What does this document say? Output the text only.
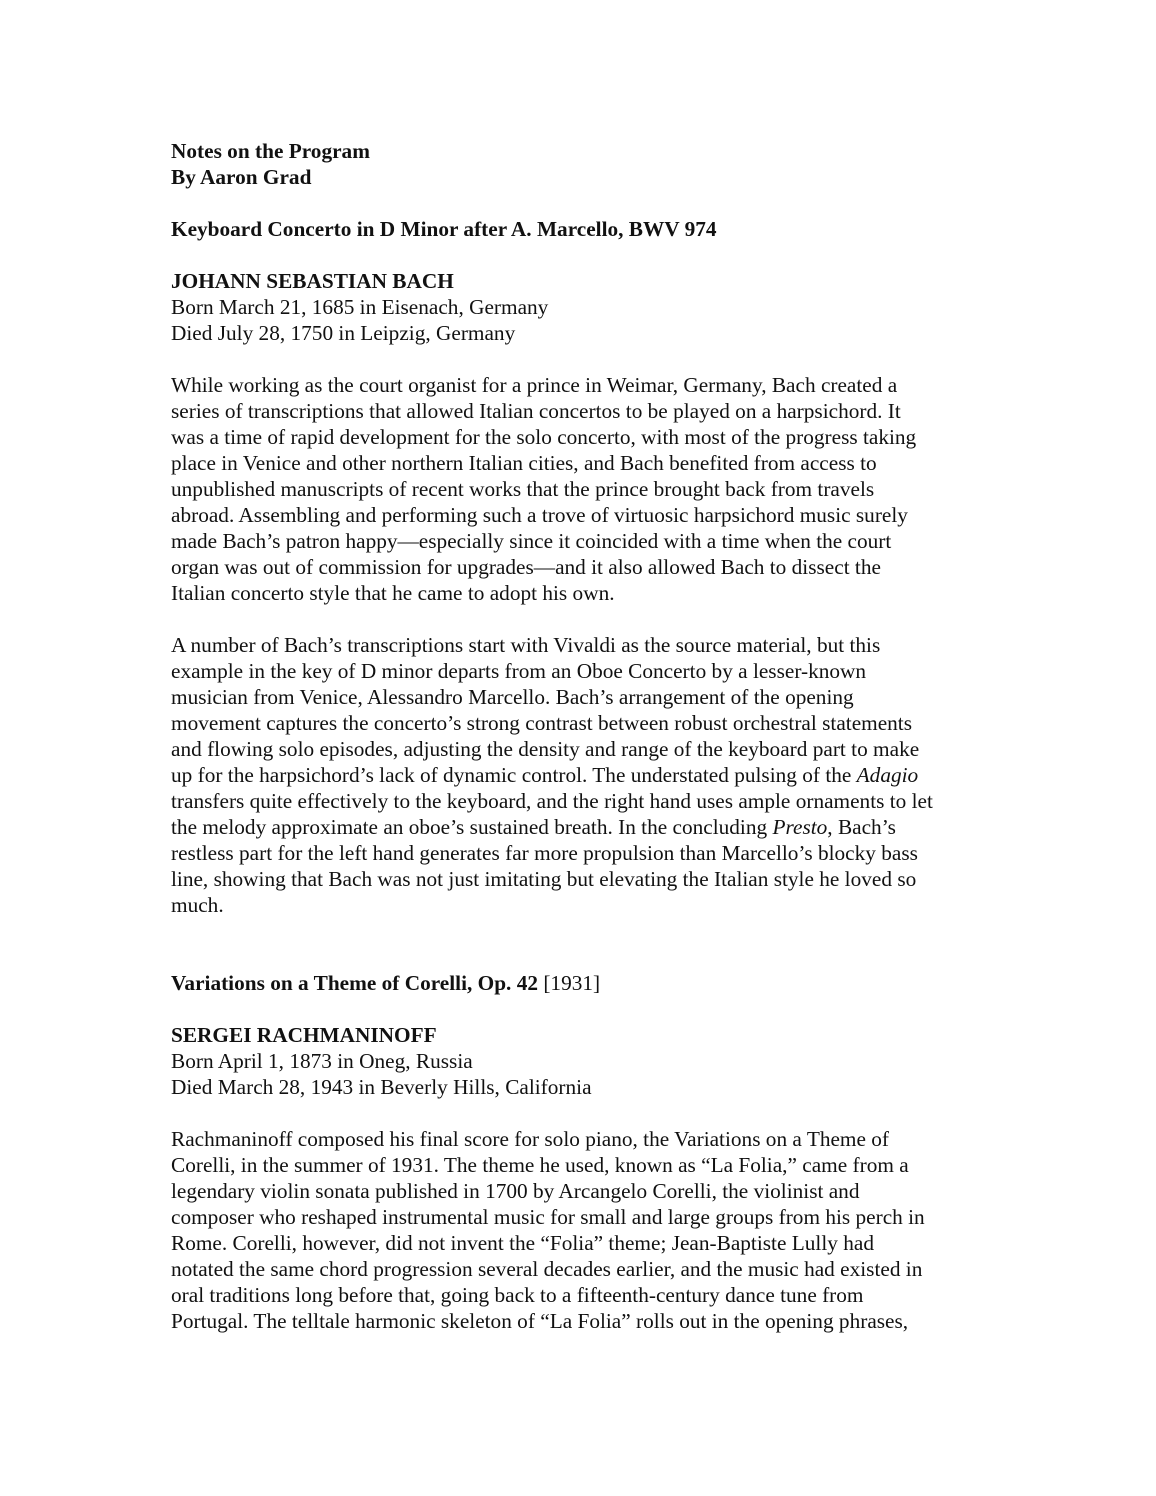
Notes on the Program
By Aaron Grad
Keyboard Concerto in D Minor after A. Marcello, BWV 974
JOHANN SEBASTIAN BACH
Born March 21, 1685 in Eisenach, Germany
Died July 28, 1750 in Leipzig, Germany
While working as the court organist for a prince in Weimar, Germany, Bach created a
series of transcriptions that allowed Italian concertos to be played on a harpsichord. It
was a time of rapid development for the solo concerto, with most of the progress taking
place in Venice and other northern Italian cities, and Bach benefited from access to
unpublished manuscripts of recent works that the prince brought back from travels
abroad. Assembling and performing such a trove of virtuosic harpsichord music surely
made Bach’s patron happy—especially since it coincided with a time when the court
organ was out of commission for upgrades—and it also allowed Bach to dissect the
Italian concerto style that he came to adopt his own.
A number of Bach’s transcriptions start with Vivaldi as the source material, but this
example in the key of D minor departs from an Oboe Concerto by a lesser-known
musician from Venice, Alessandro Marcello. Bach’s arrangement of the opening
movement captures the concerto’s strong contrast between robust orchestral statements
and flowing solo episodes, adjusting the density and range of the keyboard part to make
up for the harpsichord’s lack of dynamic control. The understated pulsing of the Adagio
transfers quite effectively to the keyboard, and the right hand uses ample ornaments to let
the melody approximate an oboe’s sustained breath. In the concluding Presto, Bach’s
restless part for the left hand generates far more propulsion than Marcello’s blocky bass
line, showing that Bach was not just imitating but elevating the Italian style he loved so
much.
Variations on a Theme of Corelli, Op. 42 [1931]
SERGEI RACHMANINOFF
Born April 1, 1873 in Oneg, Russia
Died March 28, 1943 in Beverly Hills, California
Rachmaninoff composed his final score for solo piano, the Variations on a Theme of
Corelli, in the summer of 1931. The theme he used, known as “La Folia,” came from a
legendary violin sonata published in 1700 by Arcangelo Corelli, the violinist and
composer who reshaped instrumental music for small and large groups from his perch in
Rome. Corelli, however, did not invent the “Folia” theme; Jean-Baptiste Lully had
notated the same chord progression several decades earlier, and the music had existed in
oral traditions long before that, going back to a fifteenth-century dance tune from
Portugal. The telltale harmonic skeleton of “La Folia” rolls out in the opening phrases,
